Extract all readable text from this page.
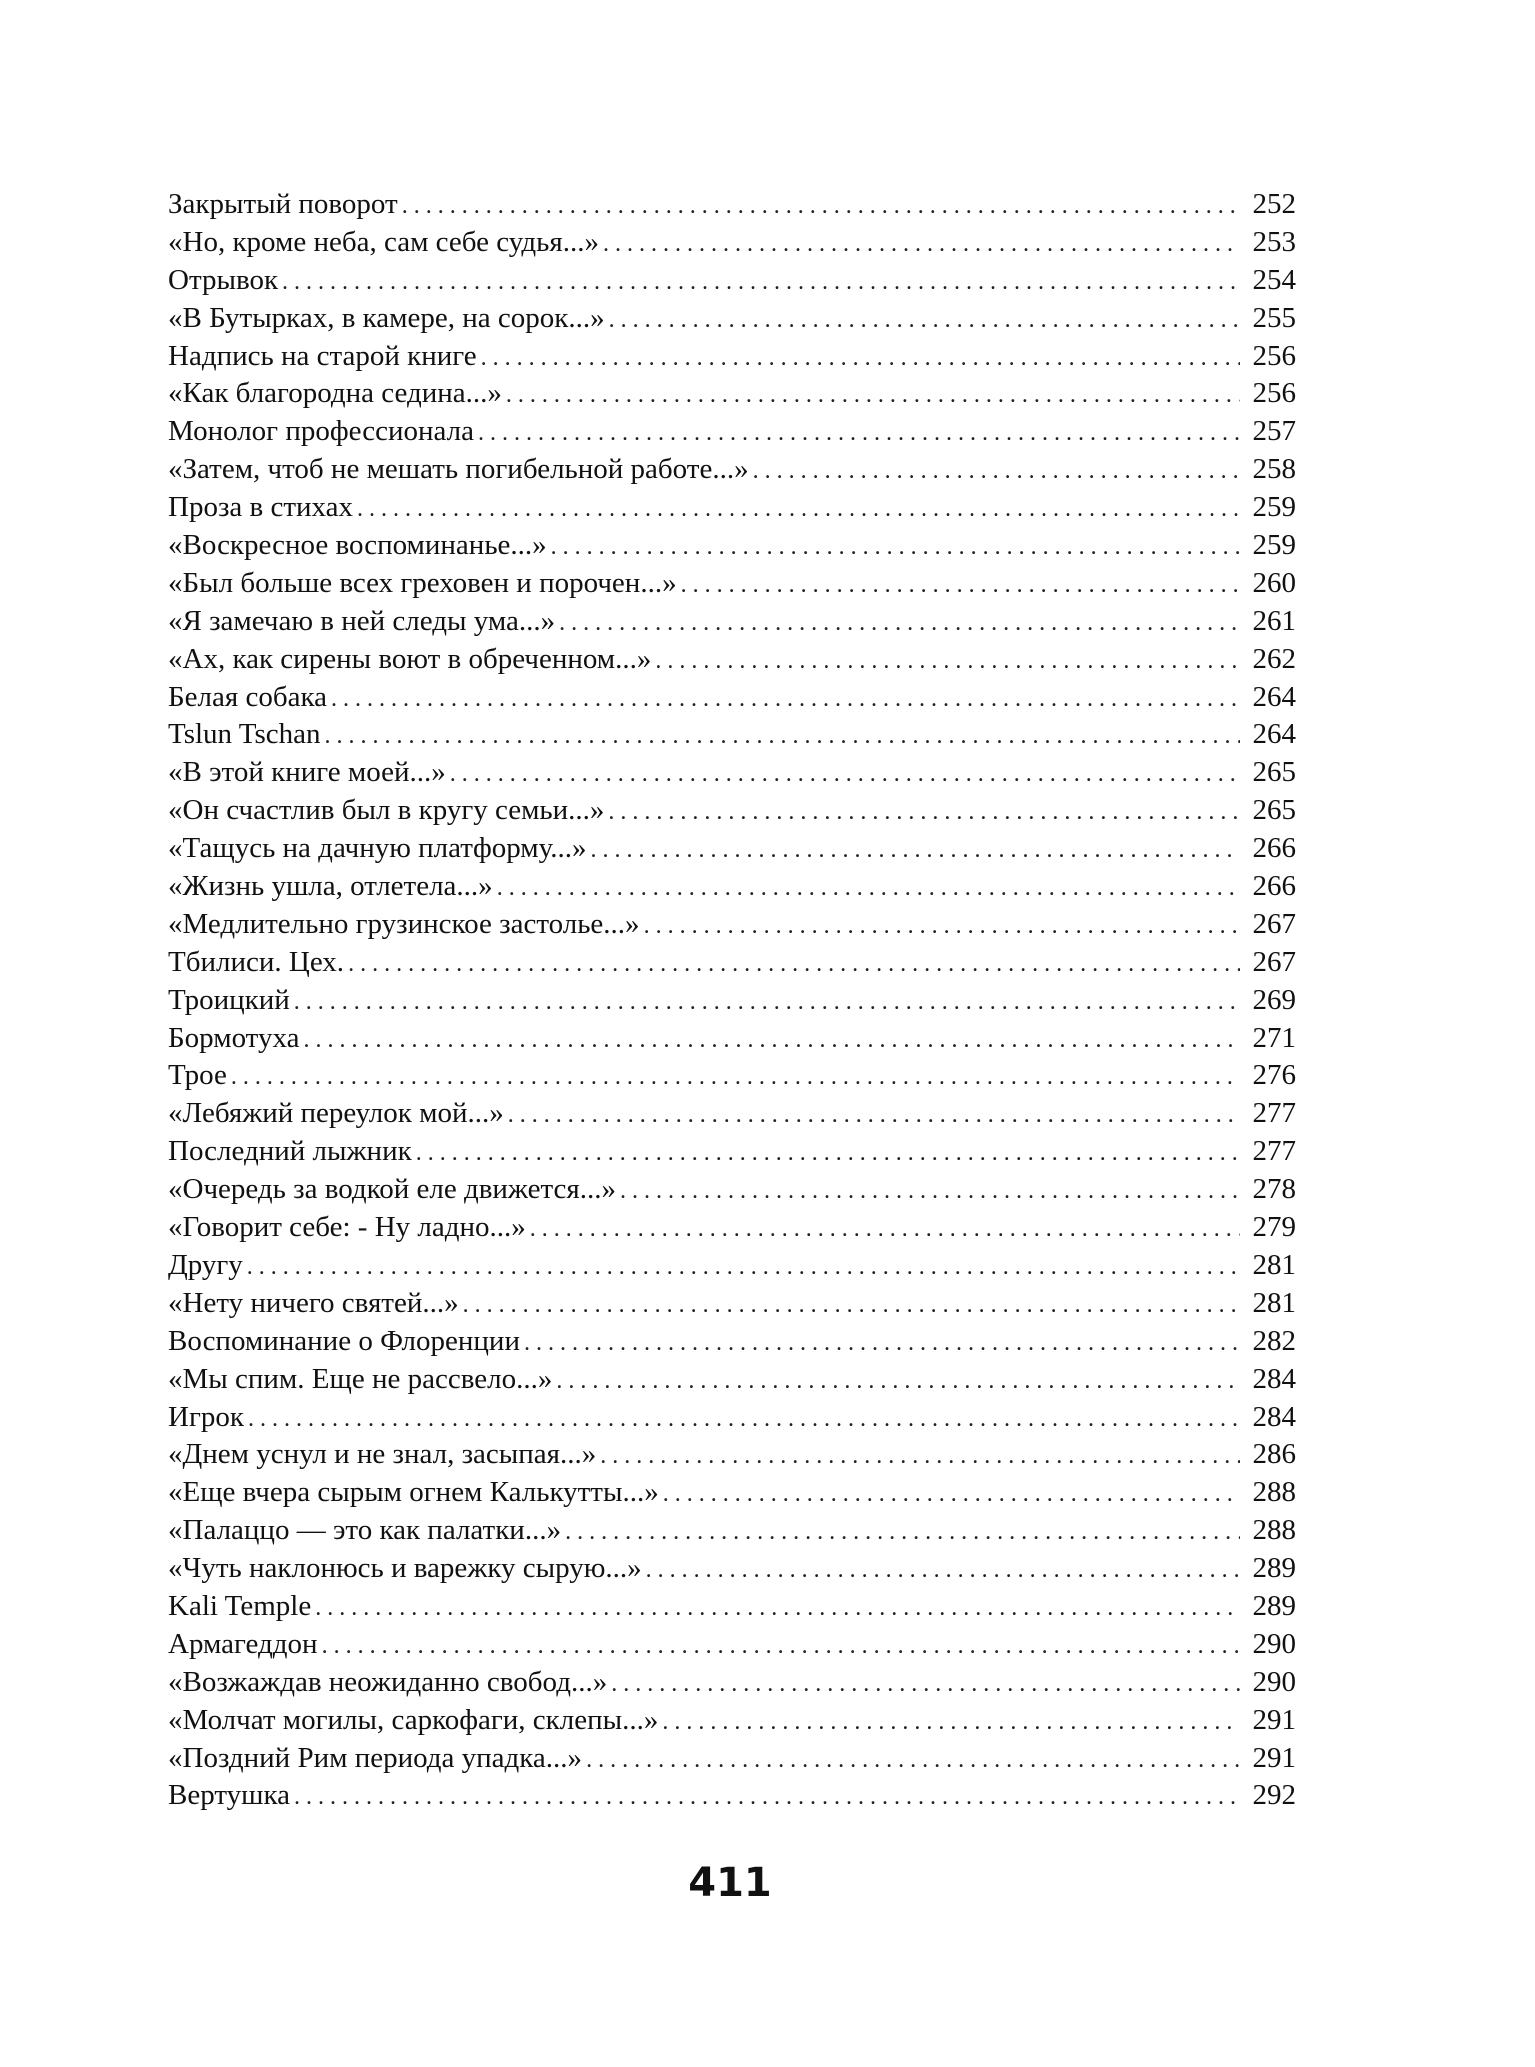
Закрытый поворот . . .	252
«Но, кроме неба, сам себе судья...» . . .	253
Отрывок . . .	254
«В Бутырках, в камере, на сорок...» . . .	255
Надпись на старой книге . . .	256
«Как благородна седина...» . . .	256
Монолог профессионала . . .	257
«Затем, чтоб не мешать погибельной работе...» . . .	258
Проза в стихах . . .	259
«Воскресное воспоминанье...» . . .	259
«Был больше всех греховен и порочен...» . . .	260
«Я замечаю в ней следы ума...» . . .	261
«Ах, как сирены воют в обреченном...» . . .	262
Белая собака . . .	264
Tslun Tschan . . .	264
«В этой книге моей...» . . .	265
«Он счастлив был в кругу семьи...» . . .	265
«Тащусь на дачную платформу...» . . .	266
«Жизнь ушла, отлетела...» . . .	266
«Медлительно грузинское застолье...» . . .	267
Тбилиси. Цех. . . .	267
Троицкий . . .	269
Бормотуха . . .	271
Трое . . .	276
«Лебяжий переулок мой...» . . .	277
Последний лыжник . . .	277
«Очередь за водкой еле движется...» . . .	278
«Говорит себе: - Ну ладно...» . . .	279
Другу . . .	281
«Нету ничего святей...» . . .	281
Воспоминание о Флоренции . . .	282
«Мы спим. Еще не рассвело...» . . .	284
Игрок . . .	284
«Днем уснул и не знал, засыпая...» . . .	286
«Еще вчера сырым огнем Калькутты...» . . .	288
«Палаццо — это как палатки...» . . .	288
«Чуть наклонюсь и варежку сырую...» . . .	289
Kali Temple . . .	289
Армагеддон . . .	290
«Возжаждав неожиданно свобод...» . . .	290
«Молчат могилы, саркофаги, склепы...» . . .	291
«Поздний Рим периода упадка...» . . .	291
Вертушка . . .	292
411
